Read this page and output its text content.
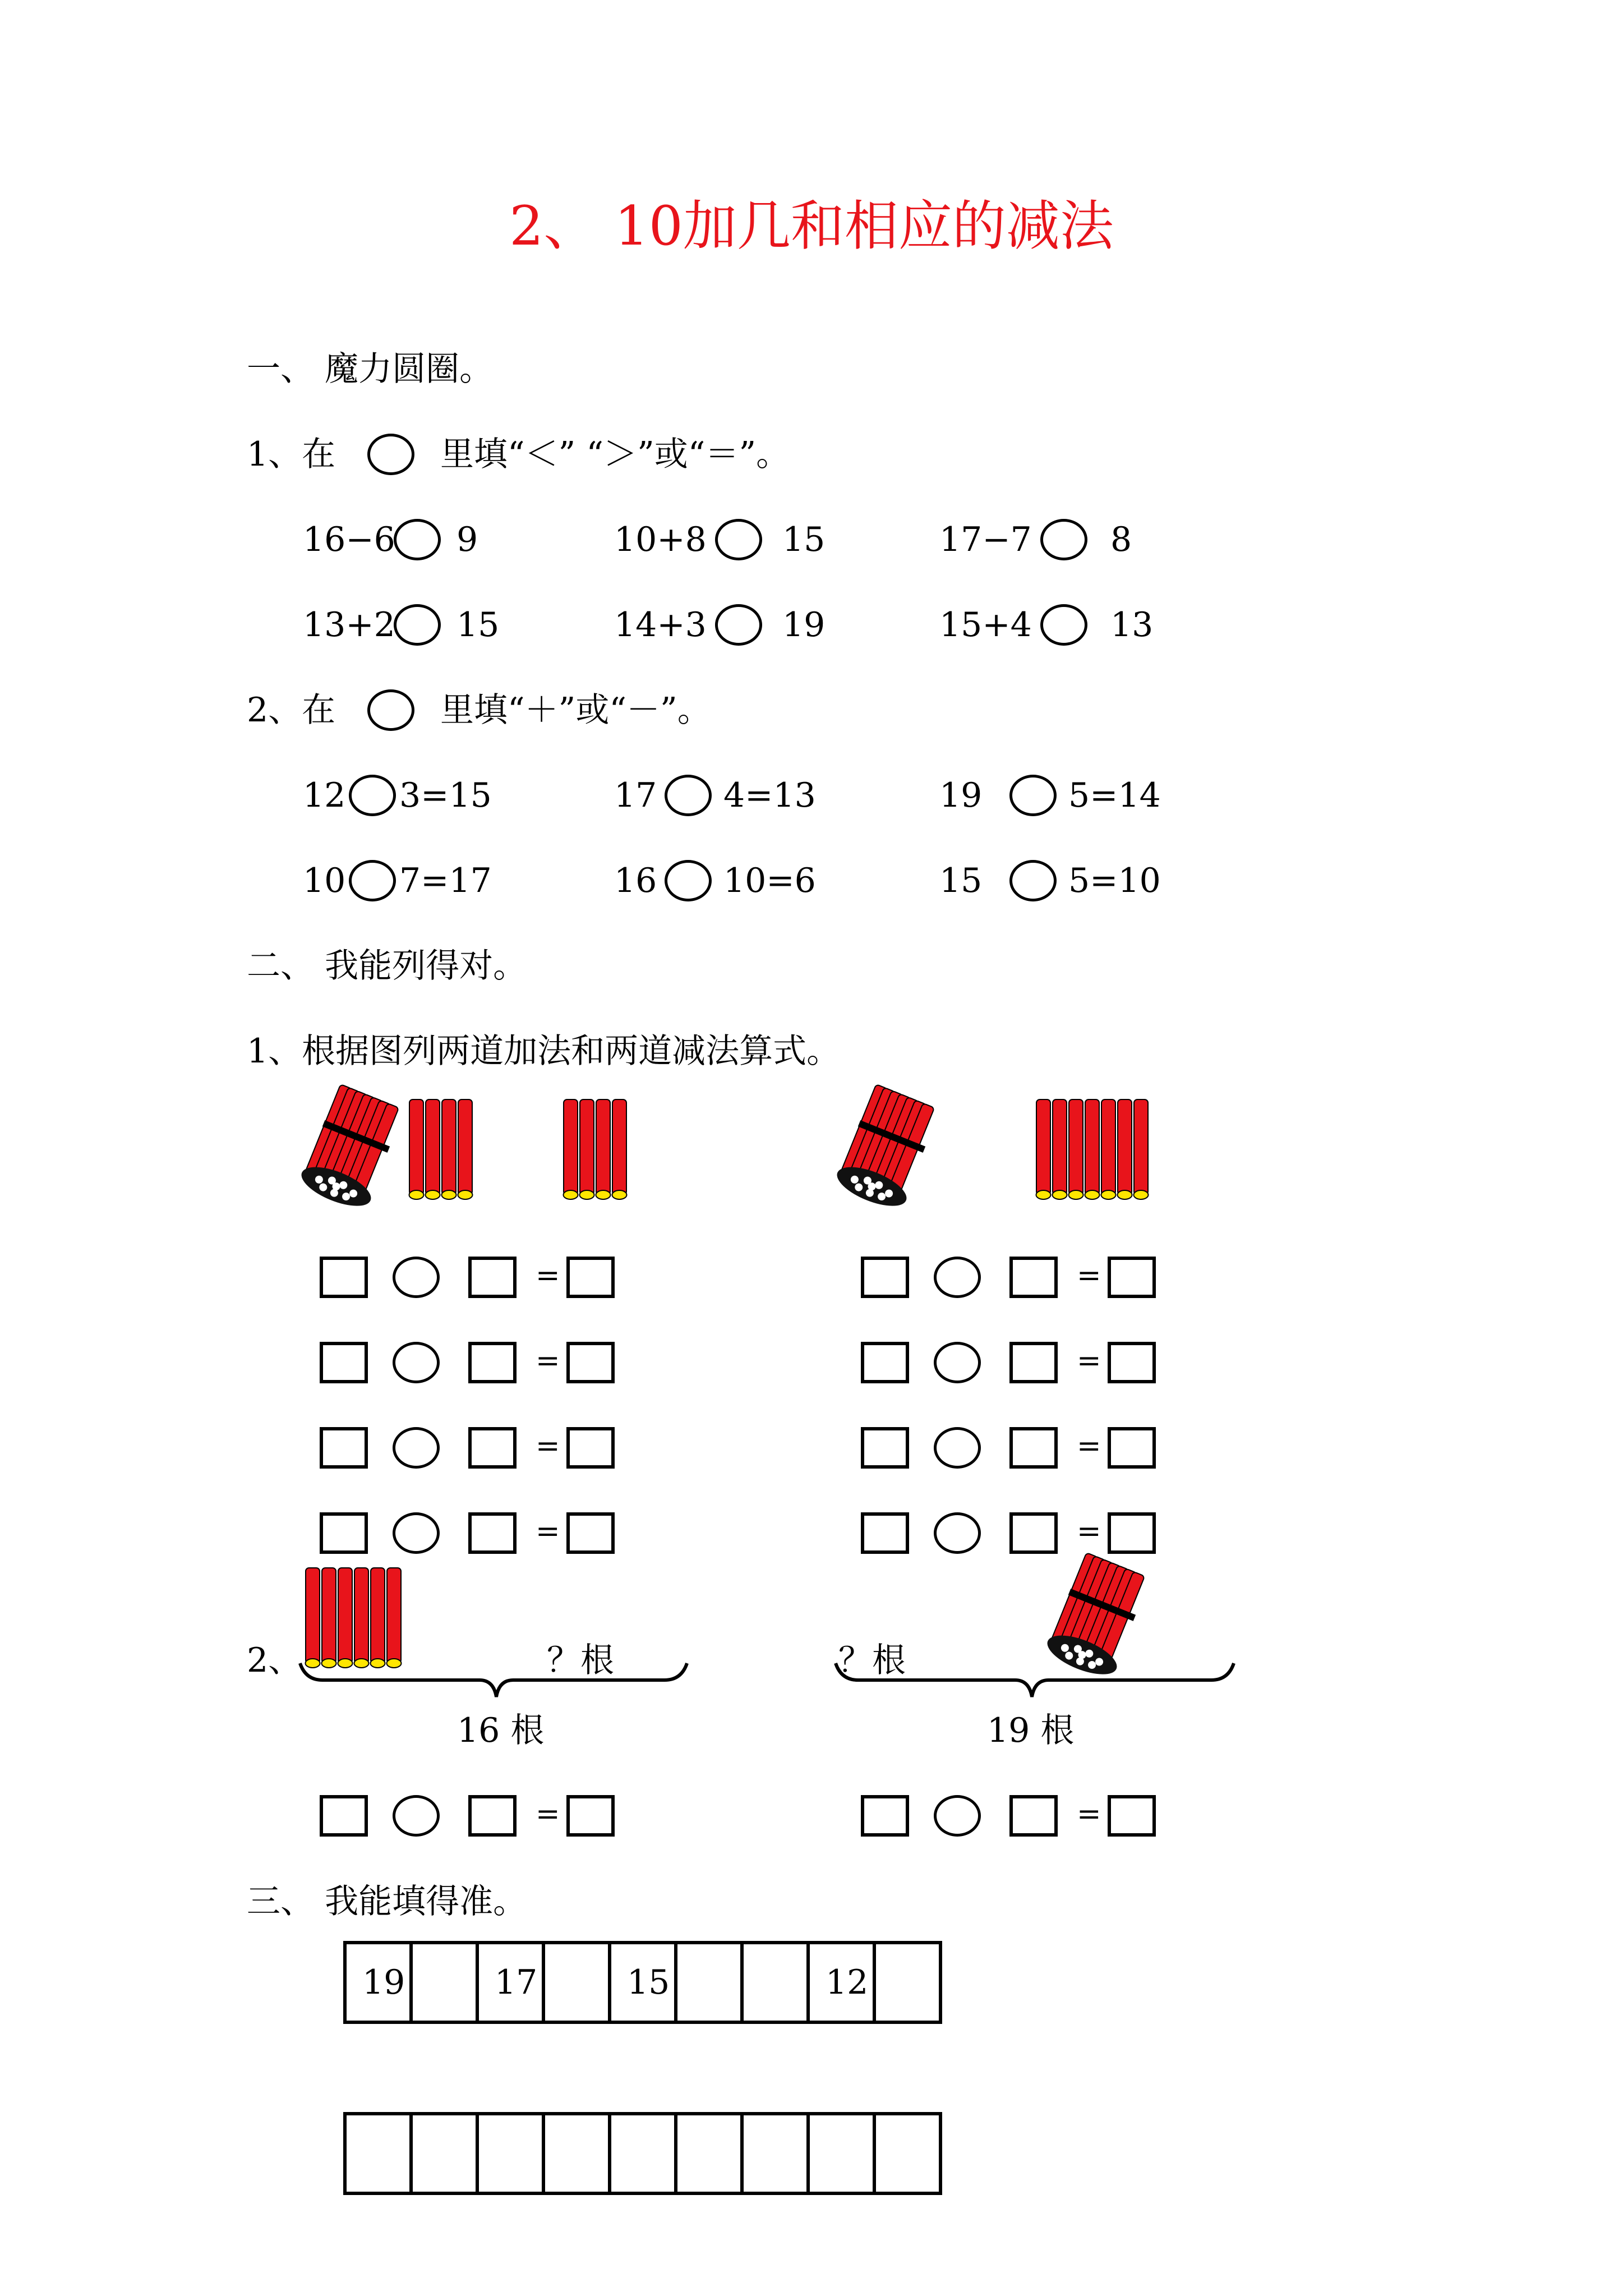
2、 10加几和相应的减法
一、 魔力圆圈。
1、在	里填“＜” “＞”或“＝”。
16−6 9	10+8 15	17−7 8
13+2 15	14+3 19	15+4 13
2、在	里填“＋”或“－”。
12 3=15	17 4=13	19	5=14
10 7=17	16 10=6	15	5=10
二、 我能列得对。
1、根据图列两道加法和两道减法算式。
=	=
=	=
=	=
=	=
=	=
2、	？根
16 根
？根
19 根
三、 我能填得准。
19		17		15			12	
